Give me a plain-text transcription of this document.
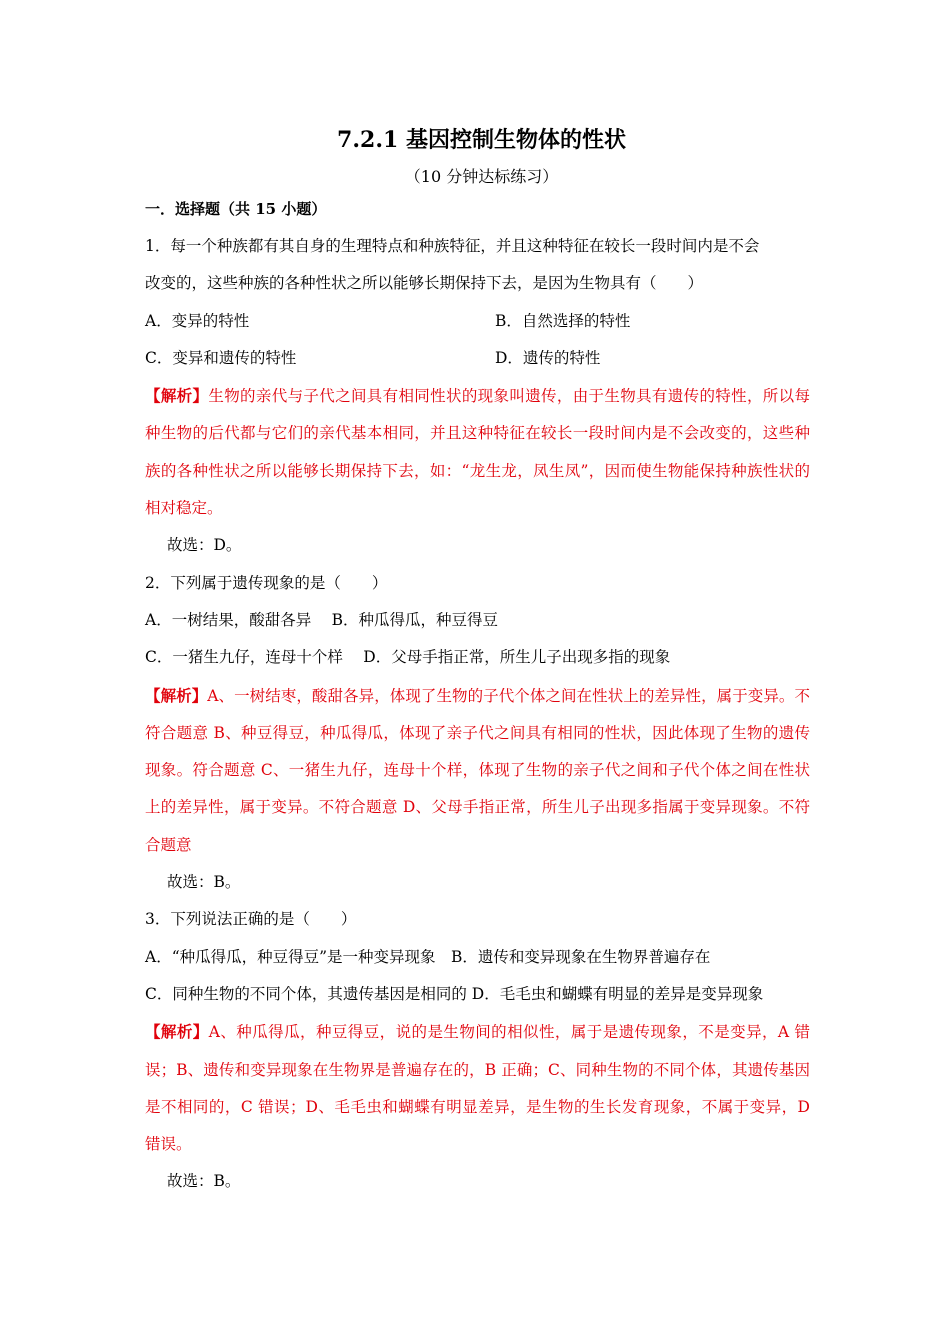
7.2.1 基因控制生物体的性状
（10 分钟达标练习）
一．选择题（共 15 小题）
1．每一个种族都有其自身的生理特点和种族特征，并且这种特征在较长一段时间内是不会
改变的，这些种族的各种性状之所以能够长期保持下去，是因为生物具有（　　）
A．变异的特性	B．自然选择的特性
C．变异和遗传的特性	D．遗传的特性

【解析】生物的亲代与子代之间具有相同性状的现象叫遗传，由于生物具有遗传的特性，所以每种生物的后代都与它们的亲代基本相同，并且这种特征在较长一段时间内是不会改变的，这些种族的各种性状之所以能够长期保持下去，如：“龙生龙，凤生凤”，因而使生物能保持种族性状的相对稳定。

故选：D。
2．下列属于遗传现象的是（　　）
A．一树结果，酸甜各异　 B．种瓜得瓜，种豆得豆
C．一猪生九仔，连母十个样　 D．父母手指正常，所生儿子出现多指的现象

【解析】A、一树结枣，酸甜各异，体现了生物的子代个体之间在性状上的差异性，属于变异。不符合题意 B、种豆得豆，种瓜得瓜，体现了亲子代之间具有相同的性状，因此体现了生物的遗传现象。符合题意 C、一猪生九仔，连母十个样，体现了生物的亲子代之间和子代个体之间在性状上的差异性，属于变异。不符合题意 D、父母手指正常，所生儿子出现多指属于变异现象。不符合题意

故选：B。
3．下列说法正确的是（　　）
A．“种瓜得瓜，种豆得豆”是一种变异现象　B．遗传和变异现象在生物界普遍存在
C．同种生物的不同个体，其遗传基因是相同的 D．毛毛虫和蝴蝶有明显的差异是变异现象

【解析】A、种瓜得瓜，种豆得豆，说的是生物间的相似性，属于是遗传现象，不是变异，A 错误；B、遗传和变异现象在生物界是普遍存在的，B 正确；C、同种生物的不同个体，其遗传基因是不相同的，C 错误；D、毛毛虫和蝴蝶有明显差异，是生物的生长发育现象，不属于变异，D 错误。

故选：B。
